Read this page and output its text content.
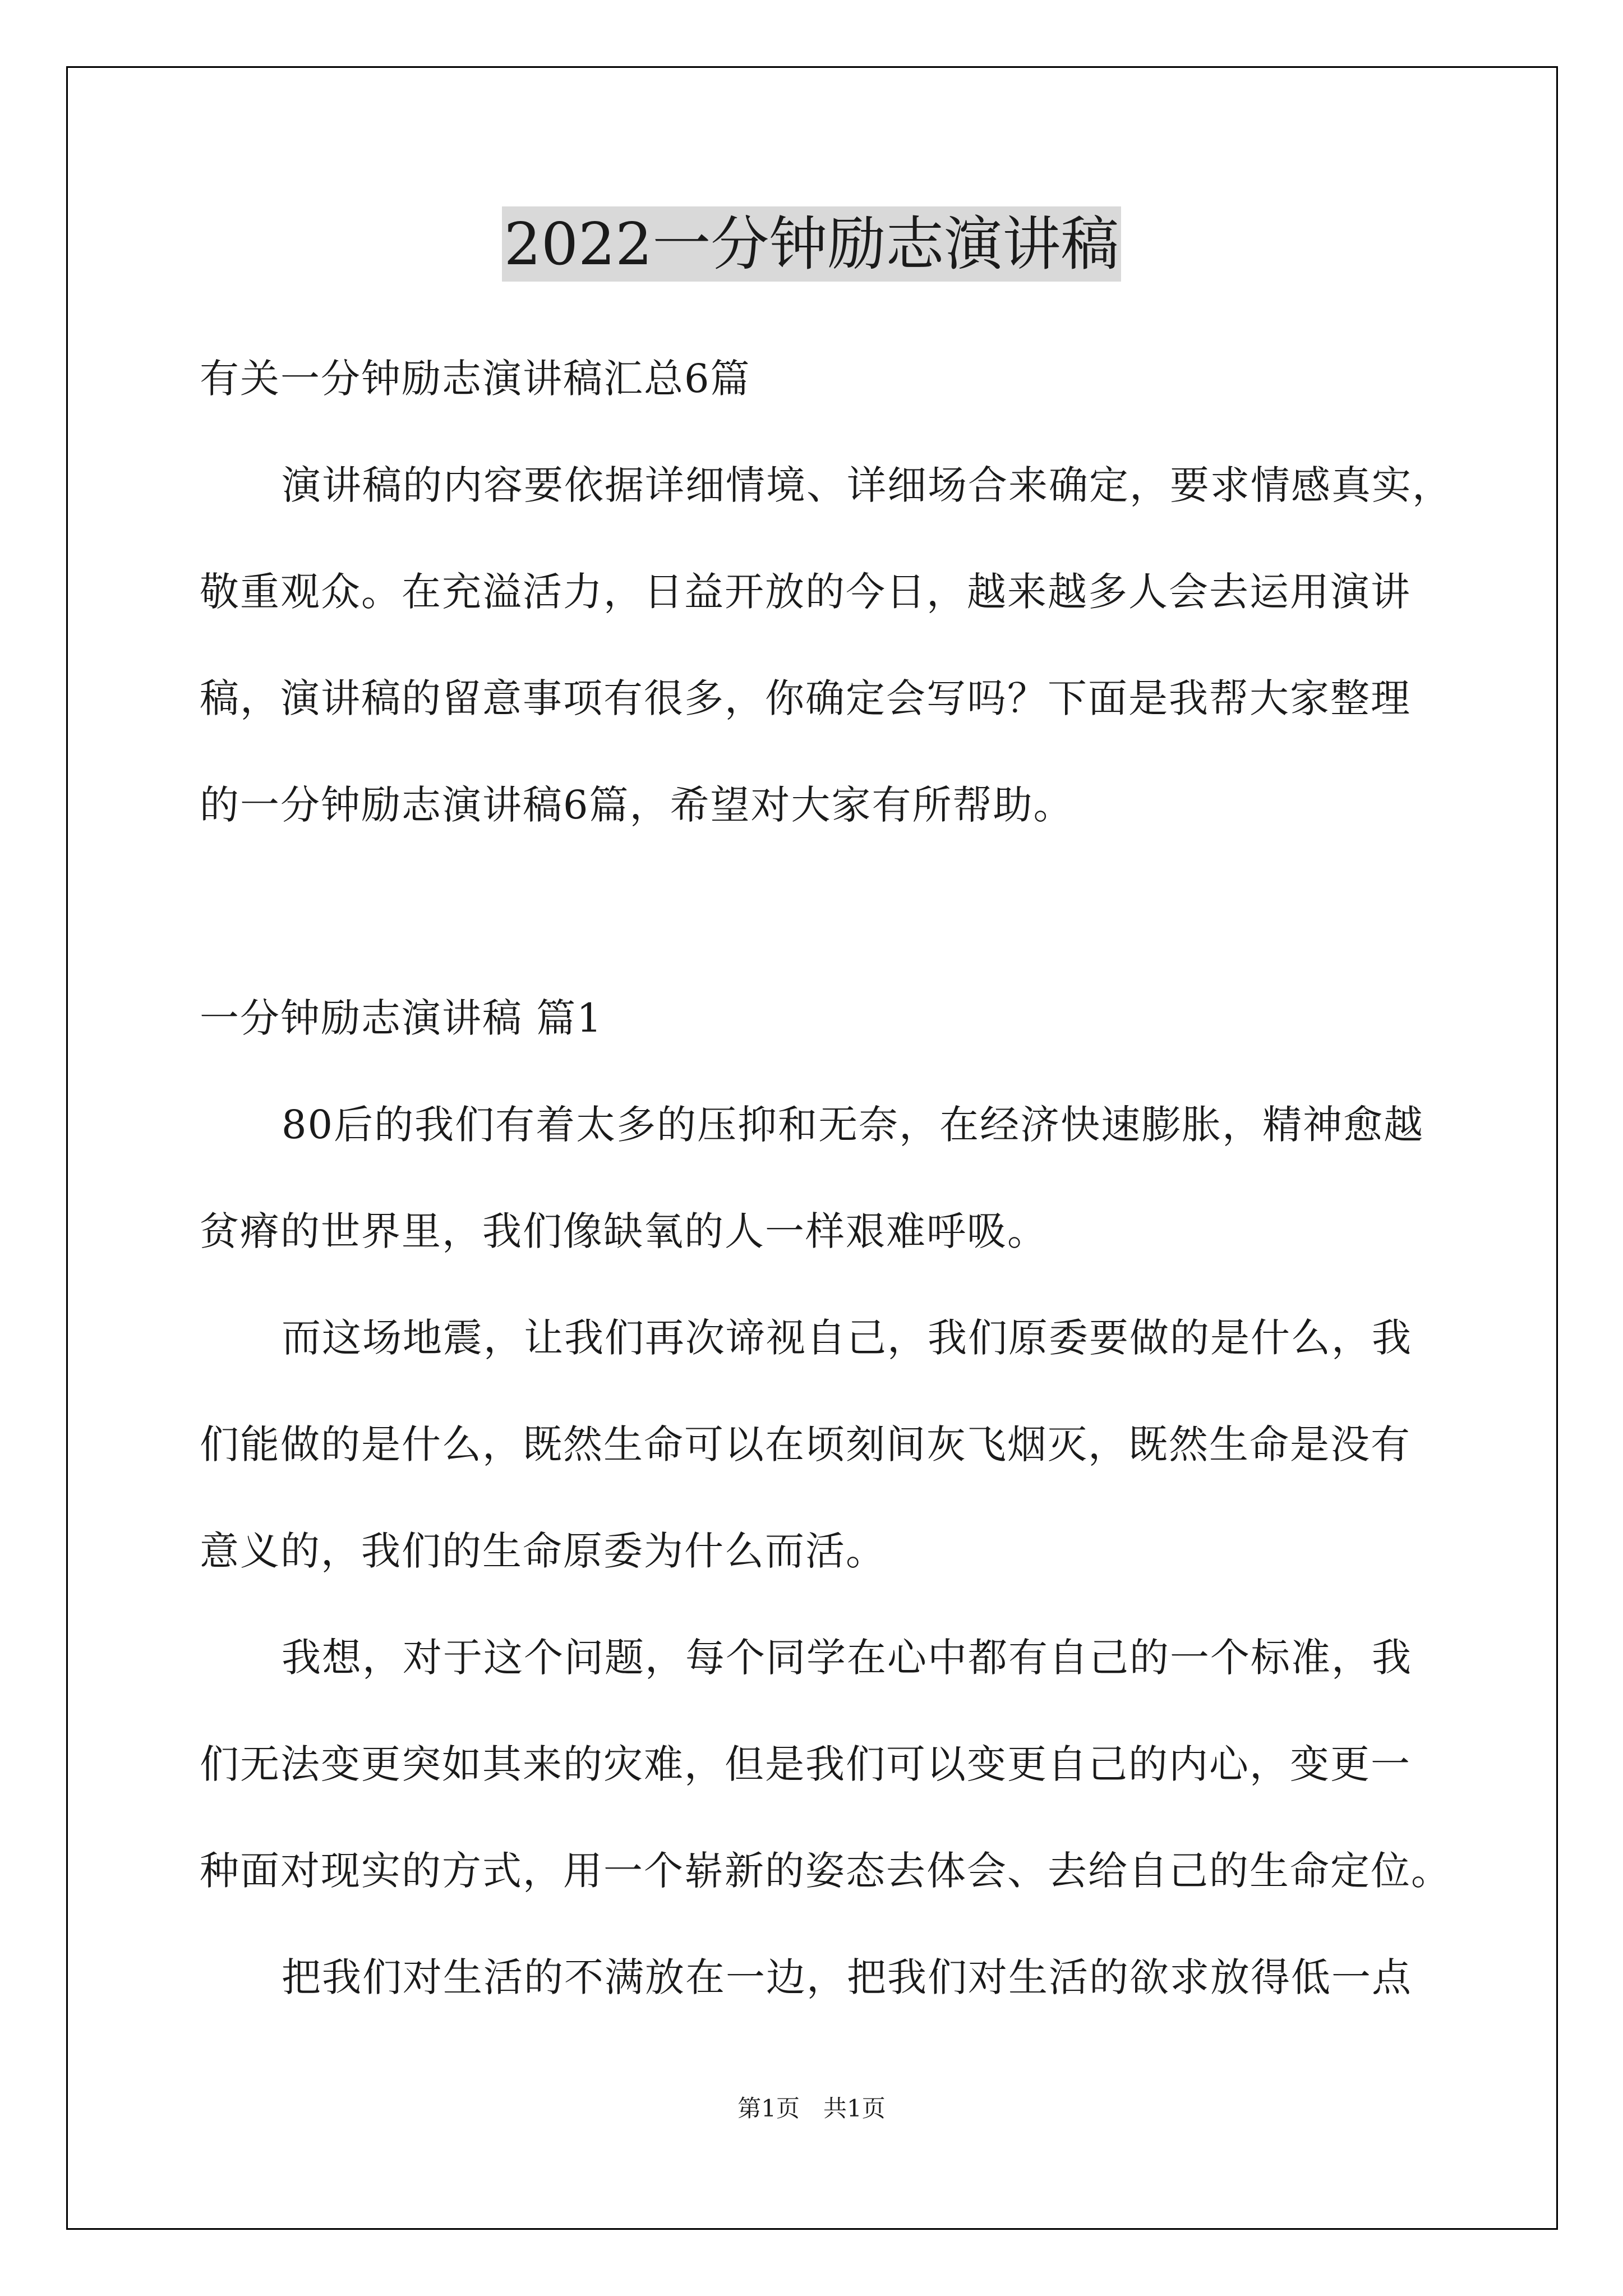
2022一分钟励志演讲稿
有关一分钟励志演讲稿汇总6篇
演讲稿的内容要依据详细情境、详细场合来确定，要求情感真实，
敬重观众。在充溢活力，日益开放的今日，越来越多人会去运用演讲
稿，演讲稿的留意事项有很多，你确定会写吗？下面是我帮大家整理
的一分钟励志演讲稿6篇，希望对大家有所帮助。
一分钟励志演讲稿 篇1
80后的我们有着太多的压抑和无奈，在经济快速膨胀，精神愈越
贫瘠的世界里，我们像缺氧的人一样艰难呼吸。
而这场地震，让我们再次谛视自己，我们原委要做的是什么，我
们能做的是什么，既然生命可以在顷刻间灰飞烟灭，既然生命是没有
意义的，我们的生命原委为什么而活。
我想，对于这个问题，每个同学在心中都有自己的一个标准，我
们无法变更突如其来的灾难，但是我们可以变更自己的内心，变更一
种面对现实的方式，用一个崭新的姿态去体会、去给自己的生命定位。
把我们对生活的不满放在一边，把我们对生活的欲求放得低一点
第1页　共1页
